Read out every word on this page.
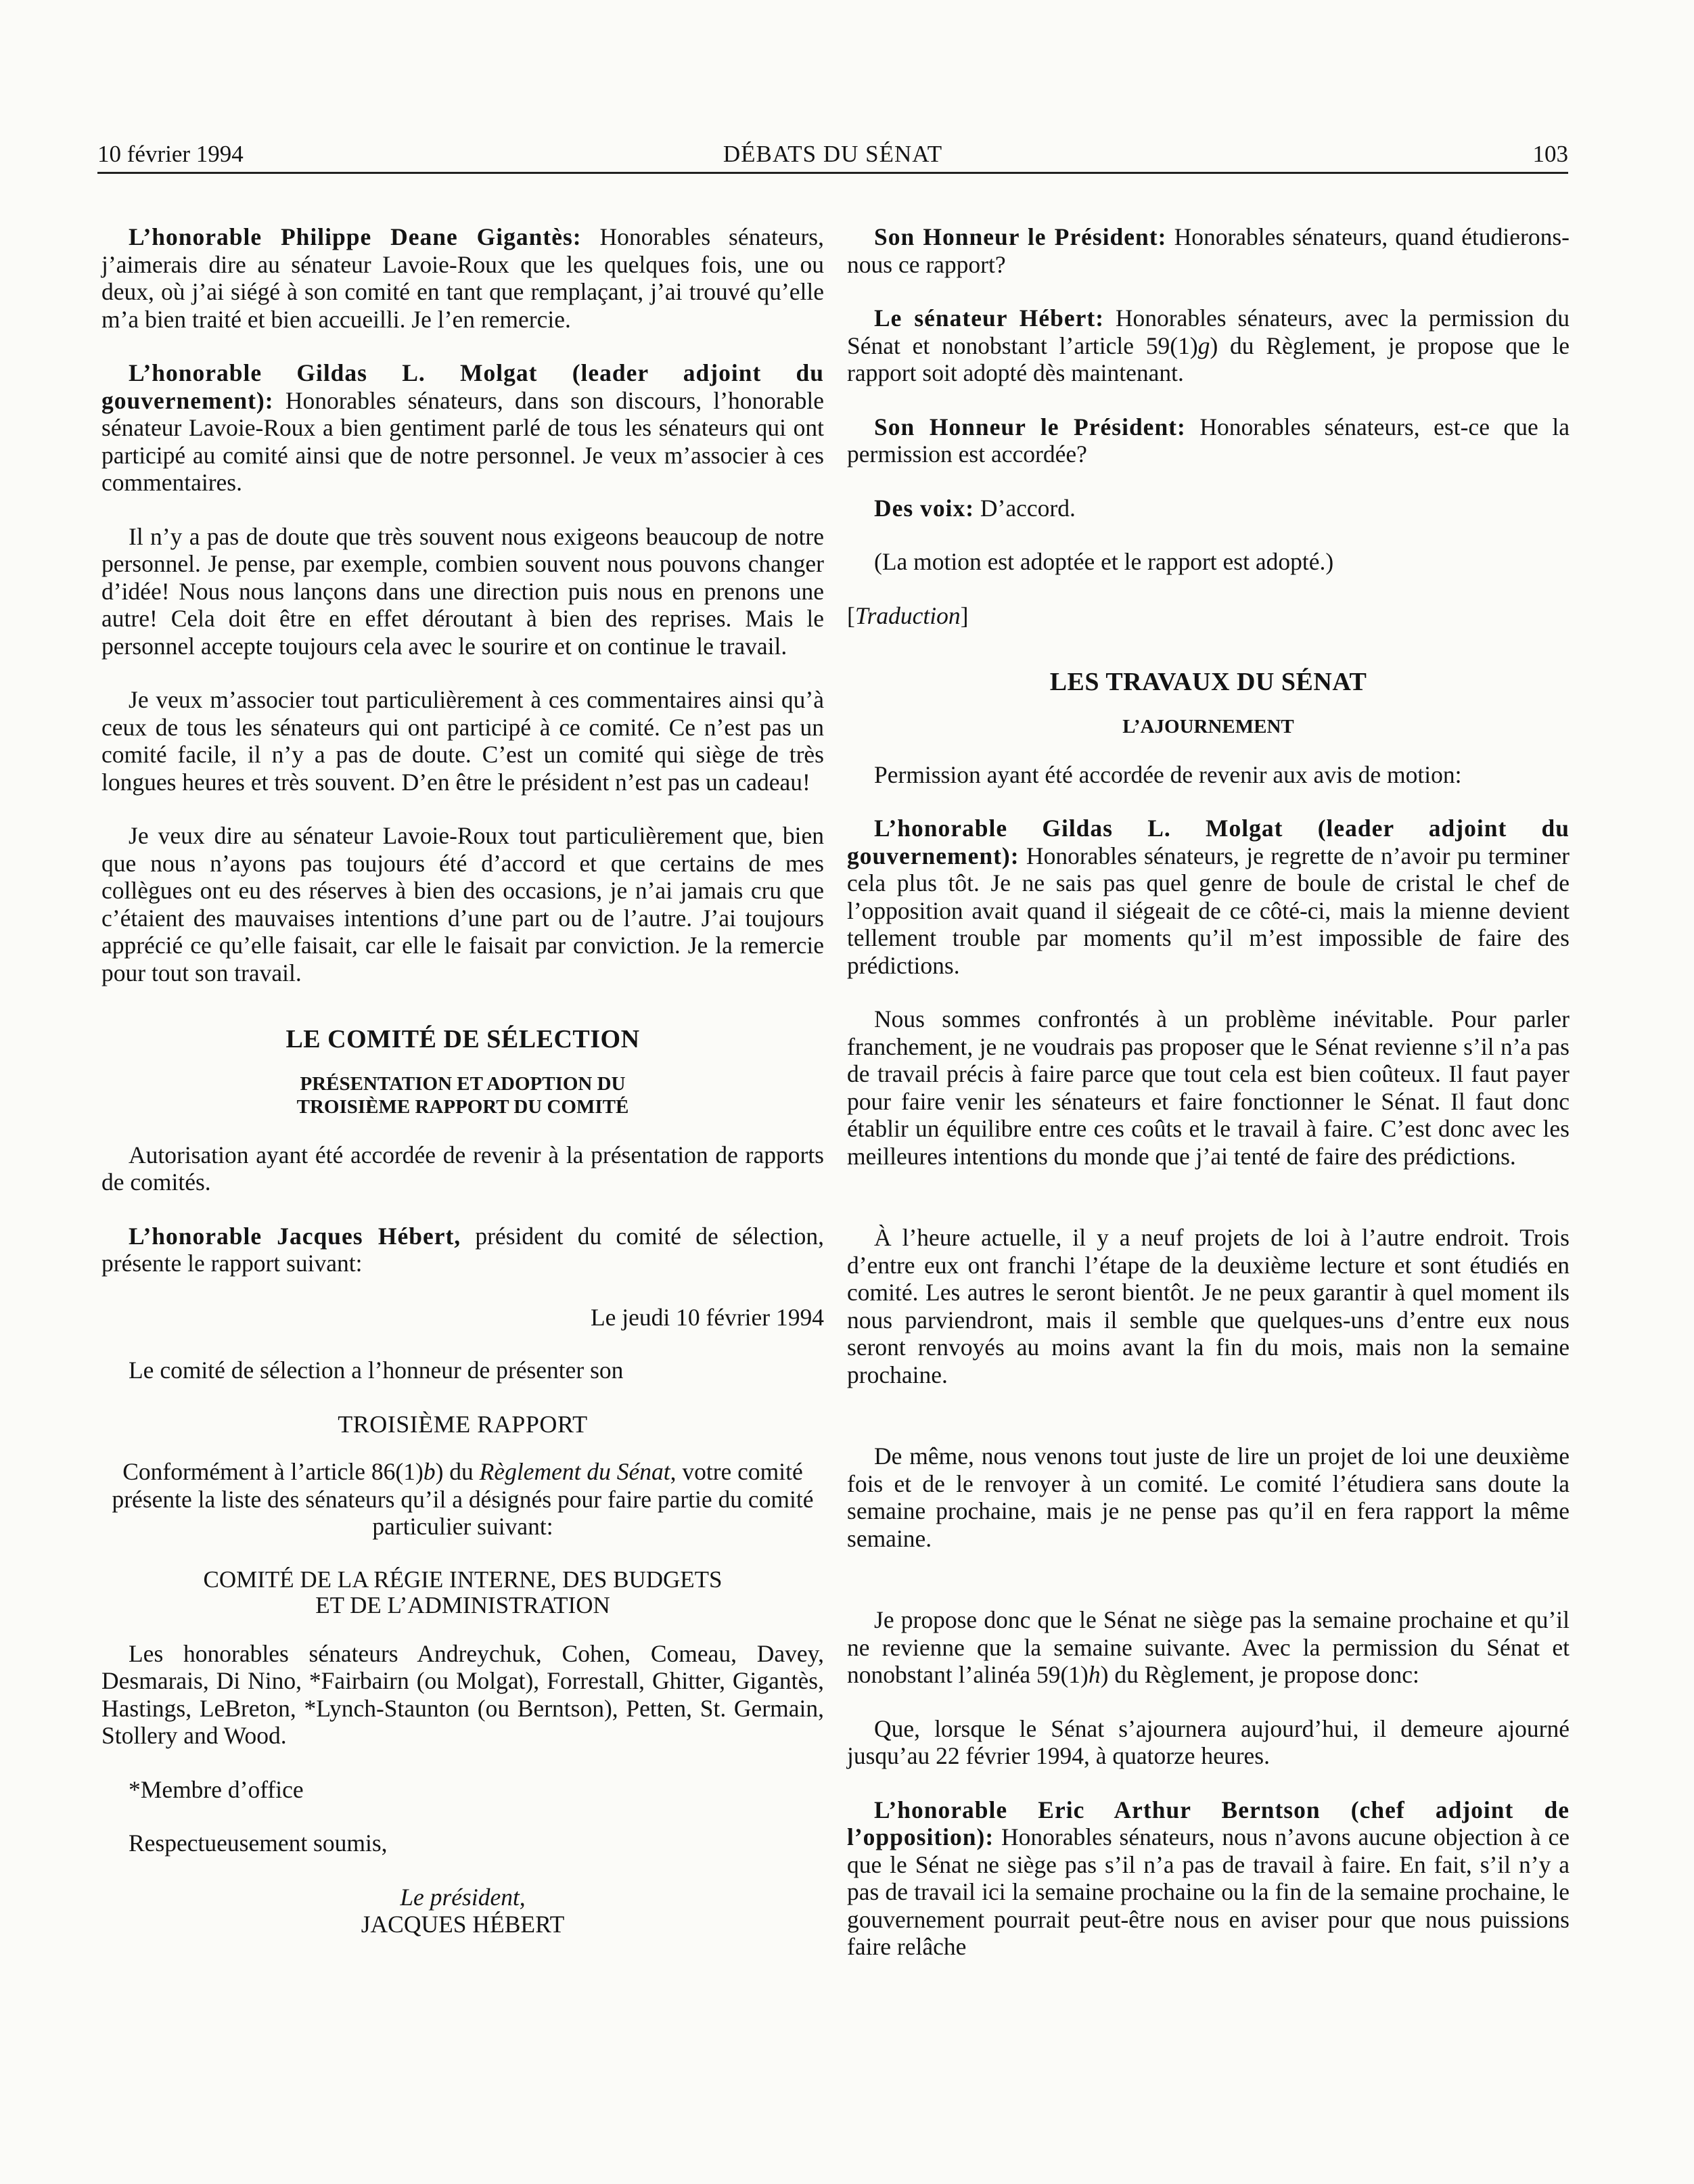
10 février 1994	DÉBATS DU SÉNAT	103

L’honorable Philippe Deane Gigantès: Honorables sénateurs, j’aimerais dire au sénateur Lavoie-Roux que les quelques fois, une ou deux, où j’ai siégé à son comité en tant que remplaçant, j’ai trouvé qu’elle m’a bien traité et bien accueilli. Je l’en remercie.

L’honorable Gildas L. Molgat (leader adjoint du gouvernement): Honorables sénateurs, dans son discours, l’honorable sénateur Lavoie-Roux a bien gentiment parlé de tous les sénateurs qui ont participé au comité ainsi que de notre personnel. Je veux m’associer à ces commentaires.

Il n’y a pas de doute que très souvent nous exigeons beaucoup de notre personnel. Je pense, par exemple, combien souvent nous pouvons changer d’idée! Nous nous lançons dans une direction puis nous en prenons une autre! Cela doit être en effet déroutant à bien des reprises. Mais le personnel accepte toujours cela avec le sourire et on continue le travail.

Je veux m’associer tout particulièrement à ces commentaires ainsi qu’à ceux de tous les sénateurs qui ont participé à ce comité. Ce n’est pas un comité facile, il n’y a pas de doute. C’est un comité qui siège de très longues heures et très souvent. D’en être le président n’est pas un cadeau!

Je veux dire au sénateur Lavoie-Roux tout particulièrement que, bien que nous n’ayons pas toujours été d’accord et que certains de mes collègues ont eu des réserves à bien des occasions, je n’ai jamais cru que c’étaient des mauvaises intentions d’une part ou de l’autre. J’ai toujours apprécié ce qu’elle faisait, car elle le faisait par conviction. Je la remercie pour tout son travail.

LE COMITÉ DE SÉLECTION
PRÉSENTATION ET ADOPTION DU
TROISIÈME RAPPORT DU COMITÉ

Autorisation ayant été accordée de revenir à la présentation de rapports de comités.

L’honorable Jacques Hébert, président du comité de sélection, présente le rapport suivant:

Le jeudi 10 février 1994

Le comité de sélection a l’honneur de présenter son

TROISIÈME RAPPORT

Conformément à l’article 86(1)b) du Règlement du Sénat, votre comité présente la liste des sénateurs qu’il a désignés pour faire partie du comité particulier suivant:

COMITÉ DE LA RÉGIE INTERNE, DES BUDGETS
ET DE L’ADMINISTRATION

Les honorables sénateurs Andreychuk, Cohen, Comeau, Davey, Desmarais, Di Nino, *Fairbairn (ou Molgat), Forrestall, Ghitter, Gigantès, Hastings, LeBreton, *Lynch-Staunton (ou Berntson), Petten, St. Germain, Stollery and Wood.

*Membre d’office

Respectueusement soumis,

Le président,
JACQUES HÉBERT

Son Honneur le Président: Honorables sénateurs, quand étudierons-nous ce rapport?

Le sénateur Hébert: Honorables sénateurs, avec la permission du Sénat et nonobstant l’article 59(1)g) du Règlement, je propose que le rapport soit adopté dès maintenant.

Son Honneur le Président: Honorables sénateurs, est-ce que la permission est accordée?

Des voix: D’accord.

(La motion est adoptée et le rapport est adopté.)

[Traduction]

LES TRAVAUX DU SÉNAT
L’AJOURNEMENT

Permission ayant été accordée de revenir aux avis de motion:

L’honorable Gildas L. Molgat (leader adjoint du gouvernement): Honorables sénateurs, je regrette de n’avoir pu terminer cela plus tôt. Je ne sais pas quel genre de boule de cristal le chef de l’opposition avait quand il siégeait de ce côté-ci, mais la mienne devient tellement trouble par moments qu’il m’est impossible de faire des prédictions.

Nous sommes confrontés à un problème inévitable. Pour parler franchement, je ne voudrais pas proposer que le Sénat revienne s’il n’a pas de travail précis à faire parce que tout cela est bien coûteux. Il faut payer pour faire venir les sénateurs et faire fonctionner le Sénat. Il faut donc établir un équilibre entre ces coûts et le travail à faire. C’est donc avec les meilleures intentions du monde que j’ai tenté de faire des prédictions.

À l’heure actuelle, il y a neuf projets de loi à l’autre endroit. Trois d’entre eux ont franchi l’étape de la deuxième lecture et sont étudiés en comité. Les autres le seront bientôt. Je ne peux garantir à quel moment ils nous parviendront, mais il semble que quelques-uns d’entre eux nous seront renvoyés au moins avant la fin du mois, mais non la semaine prochaine.

De même, nous venons tout juste de lire un projet de loi une deuxième fois et de le renvoyer à un comité. Le comité l’étudiera sans doute la semaine prochaine, mais je ne pense pas qu’il en fera rapport la même semaine.

Je propose donc que le Sénat ne siège pas la semaine prochaine et qu’il ne revienne que la semaine suivante. Avec la permission du Sénat et nonobstant l’alinéa 59(1)h) du Règlement, je propose donc:

Que, lorsque le Sénat s’ajournera aujourd’hui, il demeure ajourné jusqu’au 22 février 1994, à quatorze heures.

L’honorable Eric Arthur Berntson (chef adjoint de l’opposition): Honorables sénateurs, nous n’avons aucune objection à ce que le Sénat ne siège pas s’il n’a pas de travail à faire. En fait, s’il n’y a pas de travail ici la semaine prochaine ou la fin de la semaine prochaine, le gouvernement pourrait peut-être nous en aviser pour que nous puissions faire relâche
